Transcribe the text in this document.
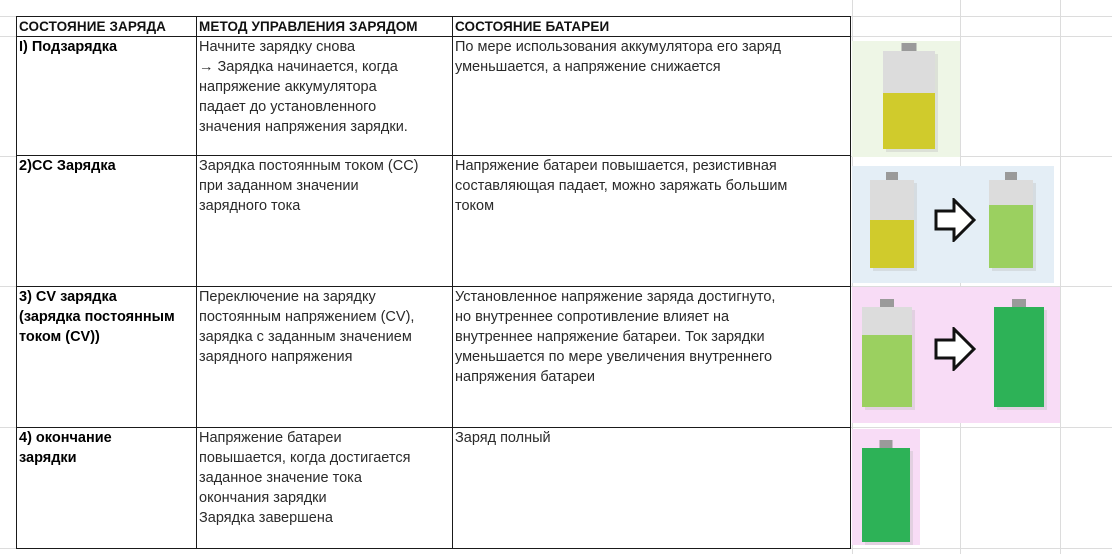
СОСТОЯНИЕ ЗАРЯДА	МЕТОД УПРАВЛЕНИЯ ЗАРЯДОМ	СОСТОЯНИЕ БАТАРЕИ

I) Подзарядка	Начните зарядку снова
→ Зарядка начинается, когда
напряжение аккумулятора
падает до установленного
значения напряжения зарядки.	По мере использования аккумулятора его заряд
уменьшается, а напряжение снижается

2)CC Зарядка	Зарядка постоянным током (CC)
при заданном значении
зарядного тока	Напряжение батареи повышается, резистивная
составляющая падает, можно заряжать большим
током

3) CV зарядка
(зарядка постоянным
током (CV))	Переключение на зарядку
постоянным напряжением (CV),
зарядка с заданным значением
зарядного напряжения	Установленное напряжение заряда достигнуто,
но внутреннее сопротивление влияет на
внутреннее напряжение батареи. Ток зарядки
уменьшается по мере увеличения внутреннего
напряжения батареи

4) окончание
зарядки	Напряжение батареи
повышается, когда достигается
заданное значение тока
окончания зарядки
Зарядка завершена	Заряд полный
